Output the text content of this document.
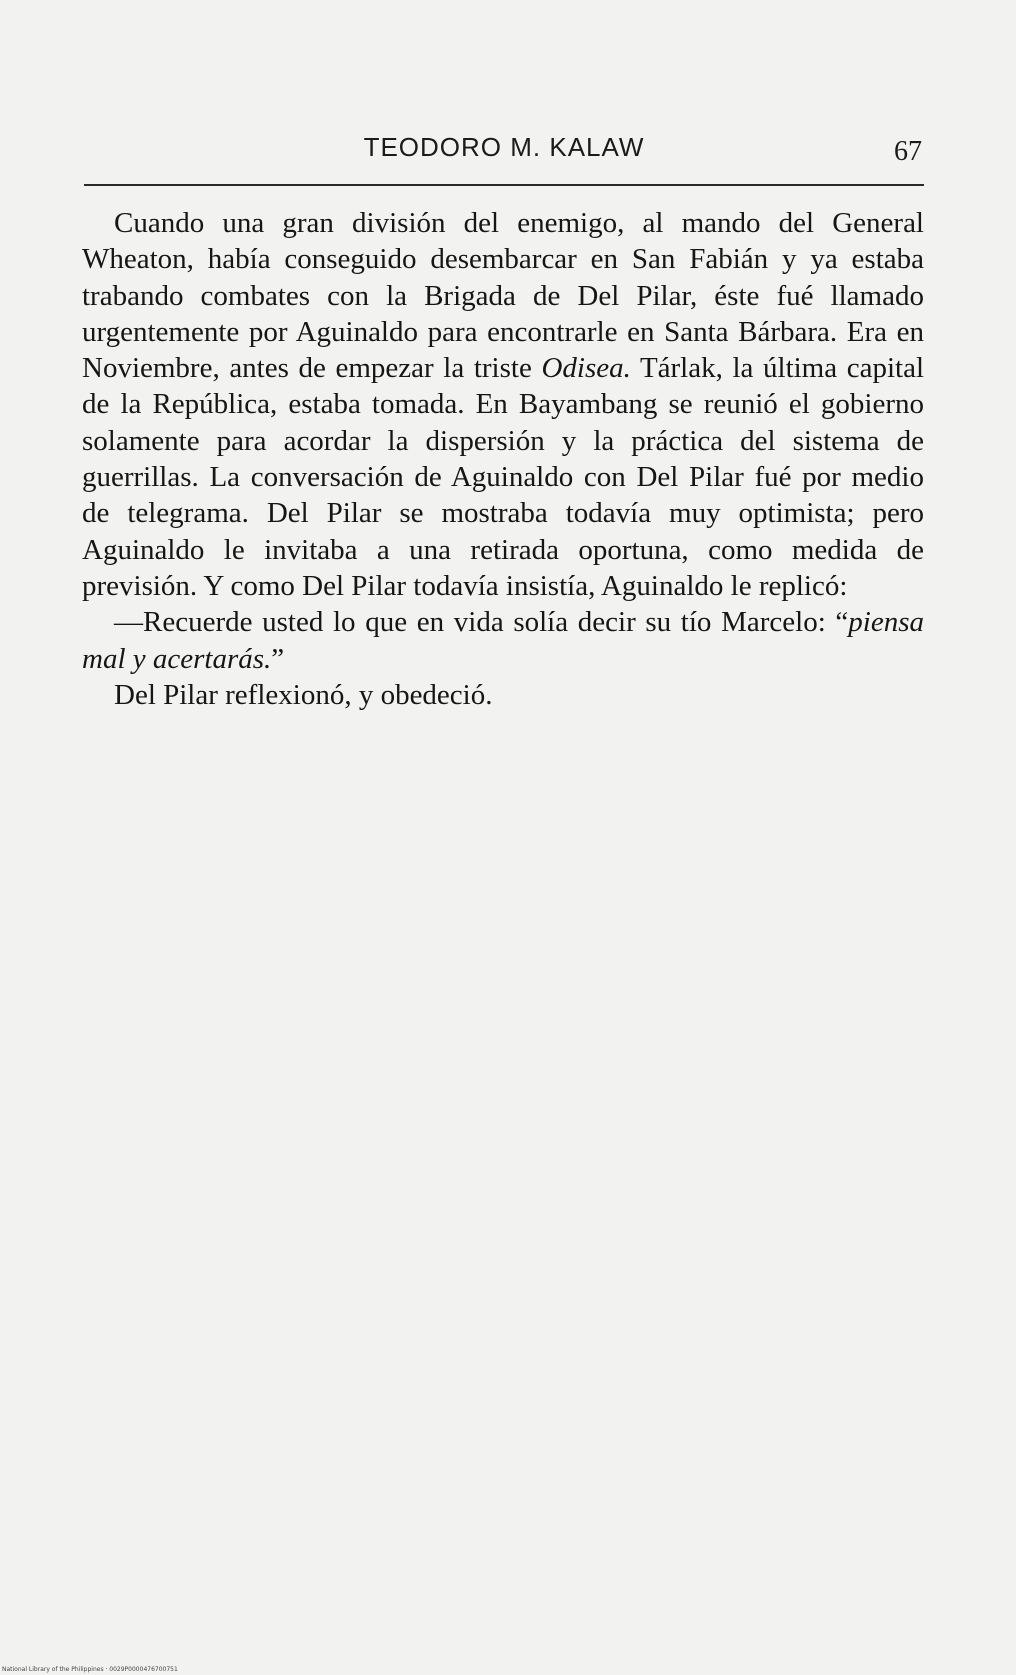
TEODORO M. KALAW	67

Cuando una gran división del enemigo, al mando del General Wheaton, había conseguido desembarcar en San Fabián y ya estaba trabando combates con la Brigada de Del Pilar, éste fué llamado urgentemente por Aguinaldo para encontrarle en Santa Bárbara. Era en Noviembre, antes de empezar la triste Odisea. Tárlak, la última capital de la República, estaba tomada. En Bayambang se reunió el gobierno solamente para acordar la dispersión y la práctica del sistema de guerrillas. La conversación de Aguinaldo con Del Pilar fué por medio de telegrama. Del Pilar se mostraba todavía muy optimista; pero Aguinaldo le invitaba a una retirada oportuna, como medida de previsión. Y como Del Pilar todavía insistía, Aguinaldo le replicó:

—Recuerde usted lo que en vida solía decir su tío Marcelo: “piensa mal y acertarás.”

Del Pilar reflexionó, y obedeció.

National Library of the Philippines · 0029P0000476700751
